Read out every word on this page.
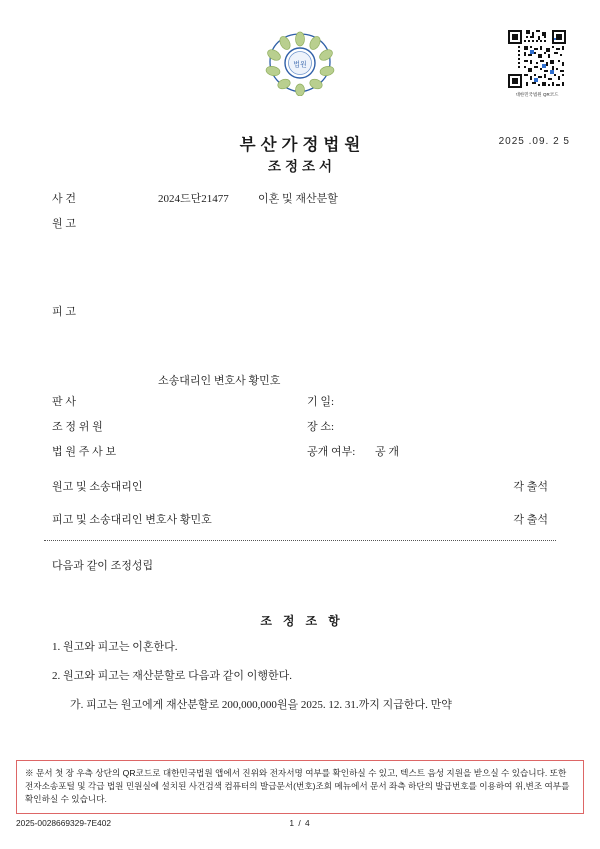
법원
대한민국법원 QR코드
부산가정법원
조정조서
2025 .09. 2 5
사 건	2024드단21477	이혼 및 재산분할
원 고
피 고
소송대리인 변호사 황민호
판 사	기 일:
조 정 위 원	장 소:
법 원 주 사 보	공개 여부: 공 개
원고 및 소송대리인	각 출석
피고 및 소송대리인 변호사 황민호	각 출석
다음과 같이 조정성립
조 정 조 항
1. 원고와 피고는 이혼한다.
2. 원고와 피고는 재산분할로 다음과 같이 이행한다.
가. 피고는 원고에게 재산분할로 200,000,000원을 2025. 12. 31.까지 지급한다. 만약
※ 문서 첫 장 우측 상단의 QR코드로 대한민국법원 앱에서 진위와 전자서명 여부를 확인하실 수 있고, 텍스트 음성 지원을 받으실 수 있습니다. 또한 전자소송포털 및 각급 법원 민원실에 설치된 사건검색 컴퓨터의 발급문서(번호)조회 메뉴에서 문서 좌측 하단의 발급번호를 이용하여 위,변조 여부를 확인하실 수 있습니다.
2025-0028669329-7E402	1 / 4
